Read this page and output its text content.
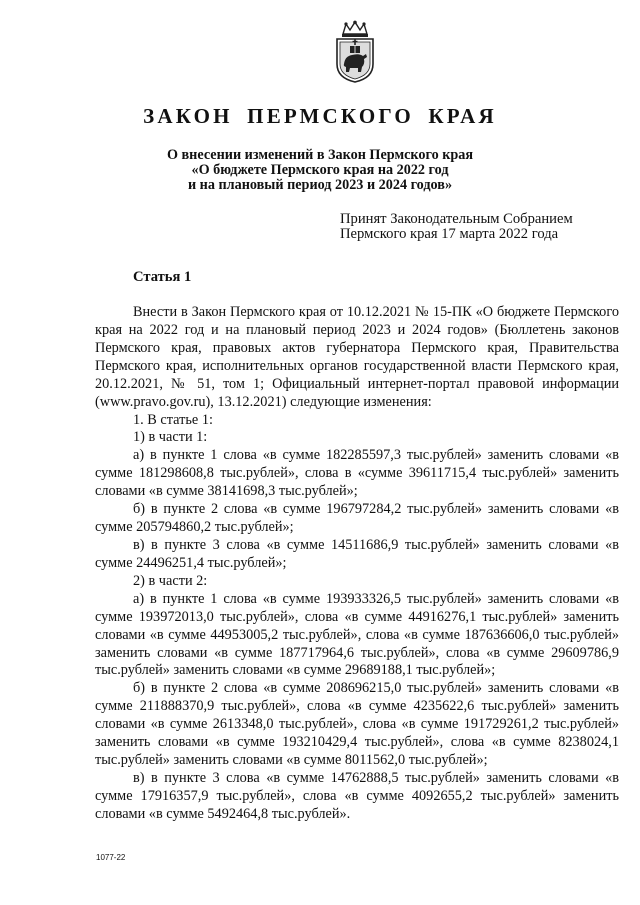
ЗАКОН ПЕРМСКОГО КРАЯ
О внесении изменений в Закон Пермского края
«О бюджете Пермского края на 2022 год
и на плановый период 2023 и 2024 годов»
Принят Законодательным Собранием
Пермского края 17 марта 2022 года
Статья 1

Внести в Закон Пермского края от 10.12.2021 № 15-ПК «О бюджете Пермского края на 2022 год и на плановый период 2023 и 2024 годов» (Бюллетень законов Пермского края, правовых актов губернатора Пермского края, Правительства Пермского края, исполнительных органов государственной власти Пермского края, 20.12.2021, № 51, том 1; Официальный интернет-портал правовой информации (www.pravo.gov.ru), 13.12.2021) следующие изменения:

1. В статье 1:

1) в части 1:

а) в пункте 1 слова «в сумме 182285597,3 тыс.рублей» заменить словами «в сумме 181298608,8 тыс.рублей», слова в «сумме 39611715,4 тыс.рублей» заменить словами «в сумме 38141698,3 тыс.рублей»;

б) в пункте 2 слова «в сумме 196797284,2 тыс.рублей» заменить словами «в сумме 205794860,2 тыс.рублей»;

в) в пункте 3 слова «в сумме 14511686,9 тыс.рублей» заменить словами «в сумме 24496251,4 тыс.рублей»;

2) в части 2:

а) в пункте 1 слова «в сумме 193933326,5 тыс.рублей» заменить словами «в сумме 193972013,0 тыс.рублей», слова «в сумме 44916276,1 тыс.рублей» заменить словами «в сумме 44953005,2 тыс.рублей», слова «в сумме 187636606,0 тыс.рублей» заменить словами «в сумме 187717964,6 тыс.рублей», слова «в сумме 29609786,9 тыс.рублей» заменить словами «в сумме 29689188,1 тыс.рублей»;

б) в пункте 2 слова «в сумме 208696215,0 тыс.рублей» заменить словами «в сумме 211888370,9 тыс.рублей», слова «в сумме 4235622,6 тыс.рублей» заменить словами «в сумме 2613348,0 тыс.рублей», слова «в сумме 191729261,2 тыс.рублей» заменить словами «в сумме 193210429,4 тыс.рублей», слова «в сумме 8238024,1 тыс.рублей» заменить словами «в сумме 8011562,0 тыс.рублей»;

в) в пункте 3 слова «в сумме 14762888,5 тыс.рублей» заменить словами «в сумме 17916357,9 тыс.рублей», слова «в сумме 4092655,2 тыс.рублей» заменить словами «в сумме 5492464,8 тыс.рублей».

1077-22
